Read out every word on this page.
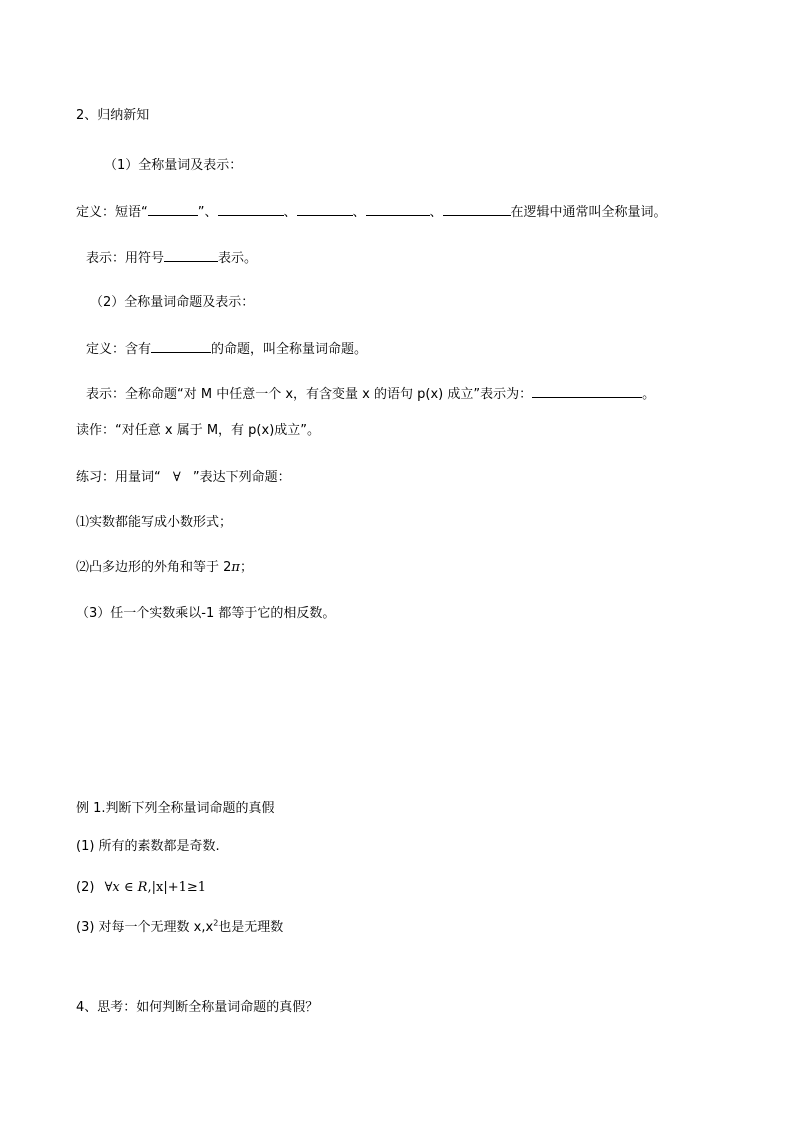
2、归纳新知
（1）全称量词及表示：
定义：短语“	”、	、	、	、	在逻辑中通常叫全称量词。
表示：用符号	表示。
（2）全称量词命题及表示：
定义：含有	的命题，叫全称量词命题。
表示：全称命题“对 M 中任意一个 x，有含变量 x 的语句 p(x) 成立”表示为：	。
读作：“对任意 x 属于 M，有 p(x)成立”。
练习：用量词“ ∀ ”表达下列命题：
⑴实数都能写成小数形式；
⑵凸多边形的外角和等于 2π；
（3）任一个实数乘以-1 都等于它的相反数。
例 1.判断下列全称量词命题的真假
(1) 所有的素数都是奇数.
(2) ∀x ∈ R,|x|+1≥1
(3) 对每一个无理数 $x,x^2$也是无理数
4、思考：如何判断全称量词命题的真假？
